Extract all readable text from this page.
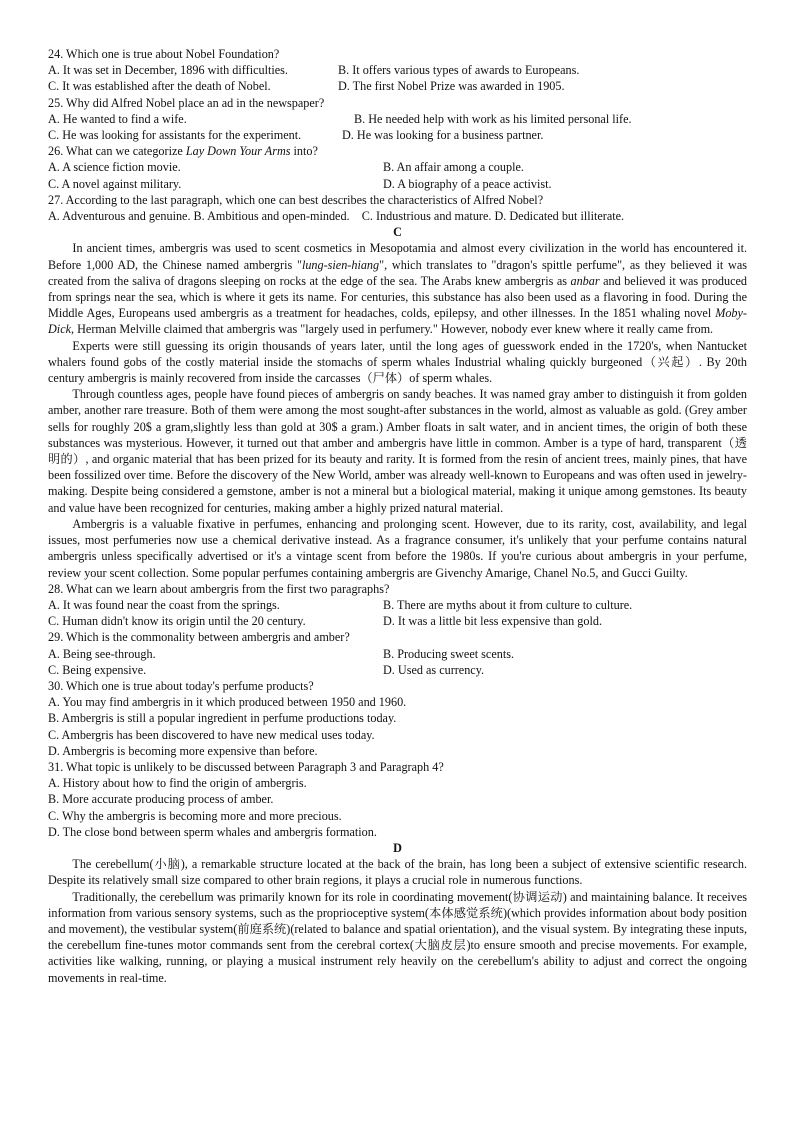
24. Which one is true about Nobel Foundation?

A. It was set in December, 1896 with difficulties.	B. It offers various types of awards to Europeans.
C. It was established after the death of Nobel.	D. The first Nobel Prize was awarded in 1905.

25. Why did Alfred Nobel place an ad in the newspaper?

A. He wanted to find a wife.	B. He needed help with work as his limited personal life.
C. He was looking for assistants for the experiment.	D. He was looking for a business partner.

26. What can we categorize Lay Down Your Arms into?

A. A science fiction movie.	B. An affair among a couple.
C. A novel against military.	D. A biography of a peace activist.

27. According to the last paragraph, which one can best describes the characteristics of Alfred Nobel?

A. Adventurous and genuine. B. Ambitious and open-minded.    C. Industrious and mature. D. Dedicated but illiterate.

C

In ancient times, ambergris was used to scent cosmetics in Mesopotamia and almost every civilization in the world has encountered it. Before 1,000 AD, the Chinese named ambergris "lung-sien-hiang", which translates to "dragon's spittle perfume", as they believed it was created from the saliva of dragons sleeping on rocks at the edge of the sea. The Arabs knew ambergris as anbar and believed it was produced from springs near the sea, which is where it gets its name. For centuries, this substance has also been used as a flavoring in food. During the Middle Ages, Europeans used ambergris as a treatment for headaches, colds, epilepsy, and other illnesses. In the 1851 whaling novel Moby-Dick, Herman Melville claimed that ambergris was "largely used in perfumery." However, nobody ever knew where it really came from.

Experts were still guessing its origin thousands of years later, until the long ages of guesswork ended in the 1720's, when Nantucket whalers found gobs of the costly material inside the stomachs of sperm whales Industrial whaling quickly burgeoned（兴起）. By 20th century ambergris is mainly recovered from inside the carcasses（尸体）of sperm whales.

Through countless ages, people have found pieces of ambergris on sandy beaches. It was named gray amber to distinguish it from golden amber, another rare treasure. Both of them were among the most sought-after substances in the world, almost as valuable as gold. (Grey amber sells for roughly 20$ a gram,slightly less than gold at 30$ a gram.) Amber floats in salt water, and in ancient times, the origin of both these substances was mysterious. However, it turned out that amber and ambergris have little in common. Amber is a type of hard, transparent（透明的）, and organic material that has been prized for its beauty and rarity. It is formed from the resin of ancient trees, mainly pines, that have been fossilized over time. Before the discovery of the New World, amber was already well-known to Europeans and was often used in jewelry-making. Despite being considered a gemstone, amber is not a mineral but a biological material, making it unique among gemstones. Its beauty and value have been recognized for centuries, making amber a highly prized natural material.

Ambergris is a valuable fixative in perfumes, enhancing and prolonging scent. However, due to its rarity, cost, availability, and legal issues, most perfumeries now use a chemical derivative instead. As a fragrance consumer, it's unlikely that your perfume contains natural ambergris unless specifically advertised or it's a vintage scent from before the 1980s. If you're curious about ambergris in your perfume, review your scent collection. Some popular perfumes containing ambergris are Givenchy Amarige, Chanel No.5, and Gucci Guilty.

28. What can we learn about ambergris from the first two paragraphs?

A. It was found near the coast from the springs.	B. There are myths about it from culture to culture.
C. Human didn't know its origin until the 20 century.	D. It was a little bit less expensive than gold.

29. Which is the commonality between ambergris and amber?

A. Being see-through.	B. Producing sweet scents.
C. Being expensive.	D. Used as currency.

30. Which one is true about today's perfume products?

A. You may find ambergris in it which produced between 1950 and 1960.

B. Ambergris is still a popular ingredient in perfume productions today.

C. Ambergris has been discovered to have new medical uses today.

D. Ambergris is becoming more expensive than before.

31. What topic is unlikely to be discussed between Paragraph 3 and Paragraph 4?

A. History about how to find the origin of ambergris.

B. More accurate producing process of amber.

C. Why the ambergris is becoming more and more precious.

D. The close bond between sperm whales and ambergris formation.

D

The cerebellum(小脑), a remarkable structure located at the back of the brain, has long been a subject of extensive scientific research. Despite its relatively small size compared to other brain regions, it plays a crucial role in numerous functions.

Traditionally, the cerebellum was primarily known for its role in coordinating movement(协调运动) and maintaining balance. It receives information from various sensory systems, such as the proprioceptive system(本体感觉系统)(which provides information about body position and movement), the vestibular system(前庭系统)(related to balance and spatial orientation), and the visual system. By integrating these inputs, the cerebellum fine-tunes motor commands sent from the cerebral cortex(大脑皮层)to ensure smooth and precise movements. For example, activities like walking, running, or playing a musical instrument rely heavily on the cerebellum's ability to adjust and correct the ongoing movements in real-time.
